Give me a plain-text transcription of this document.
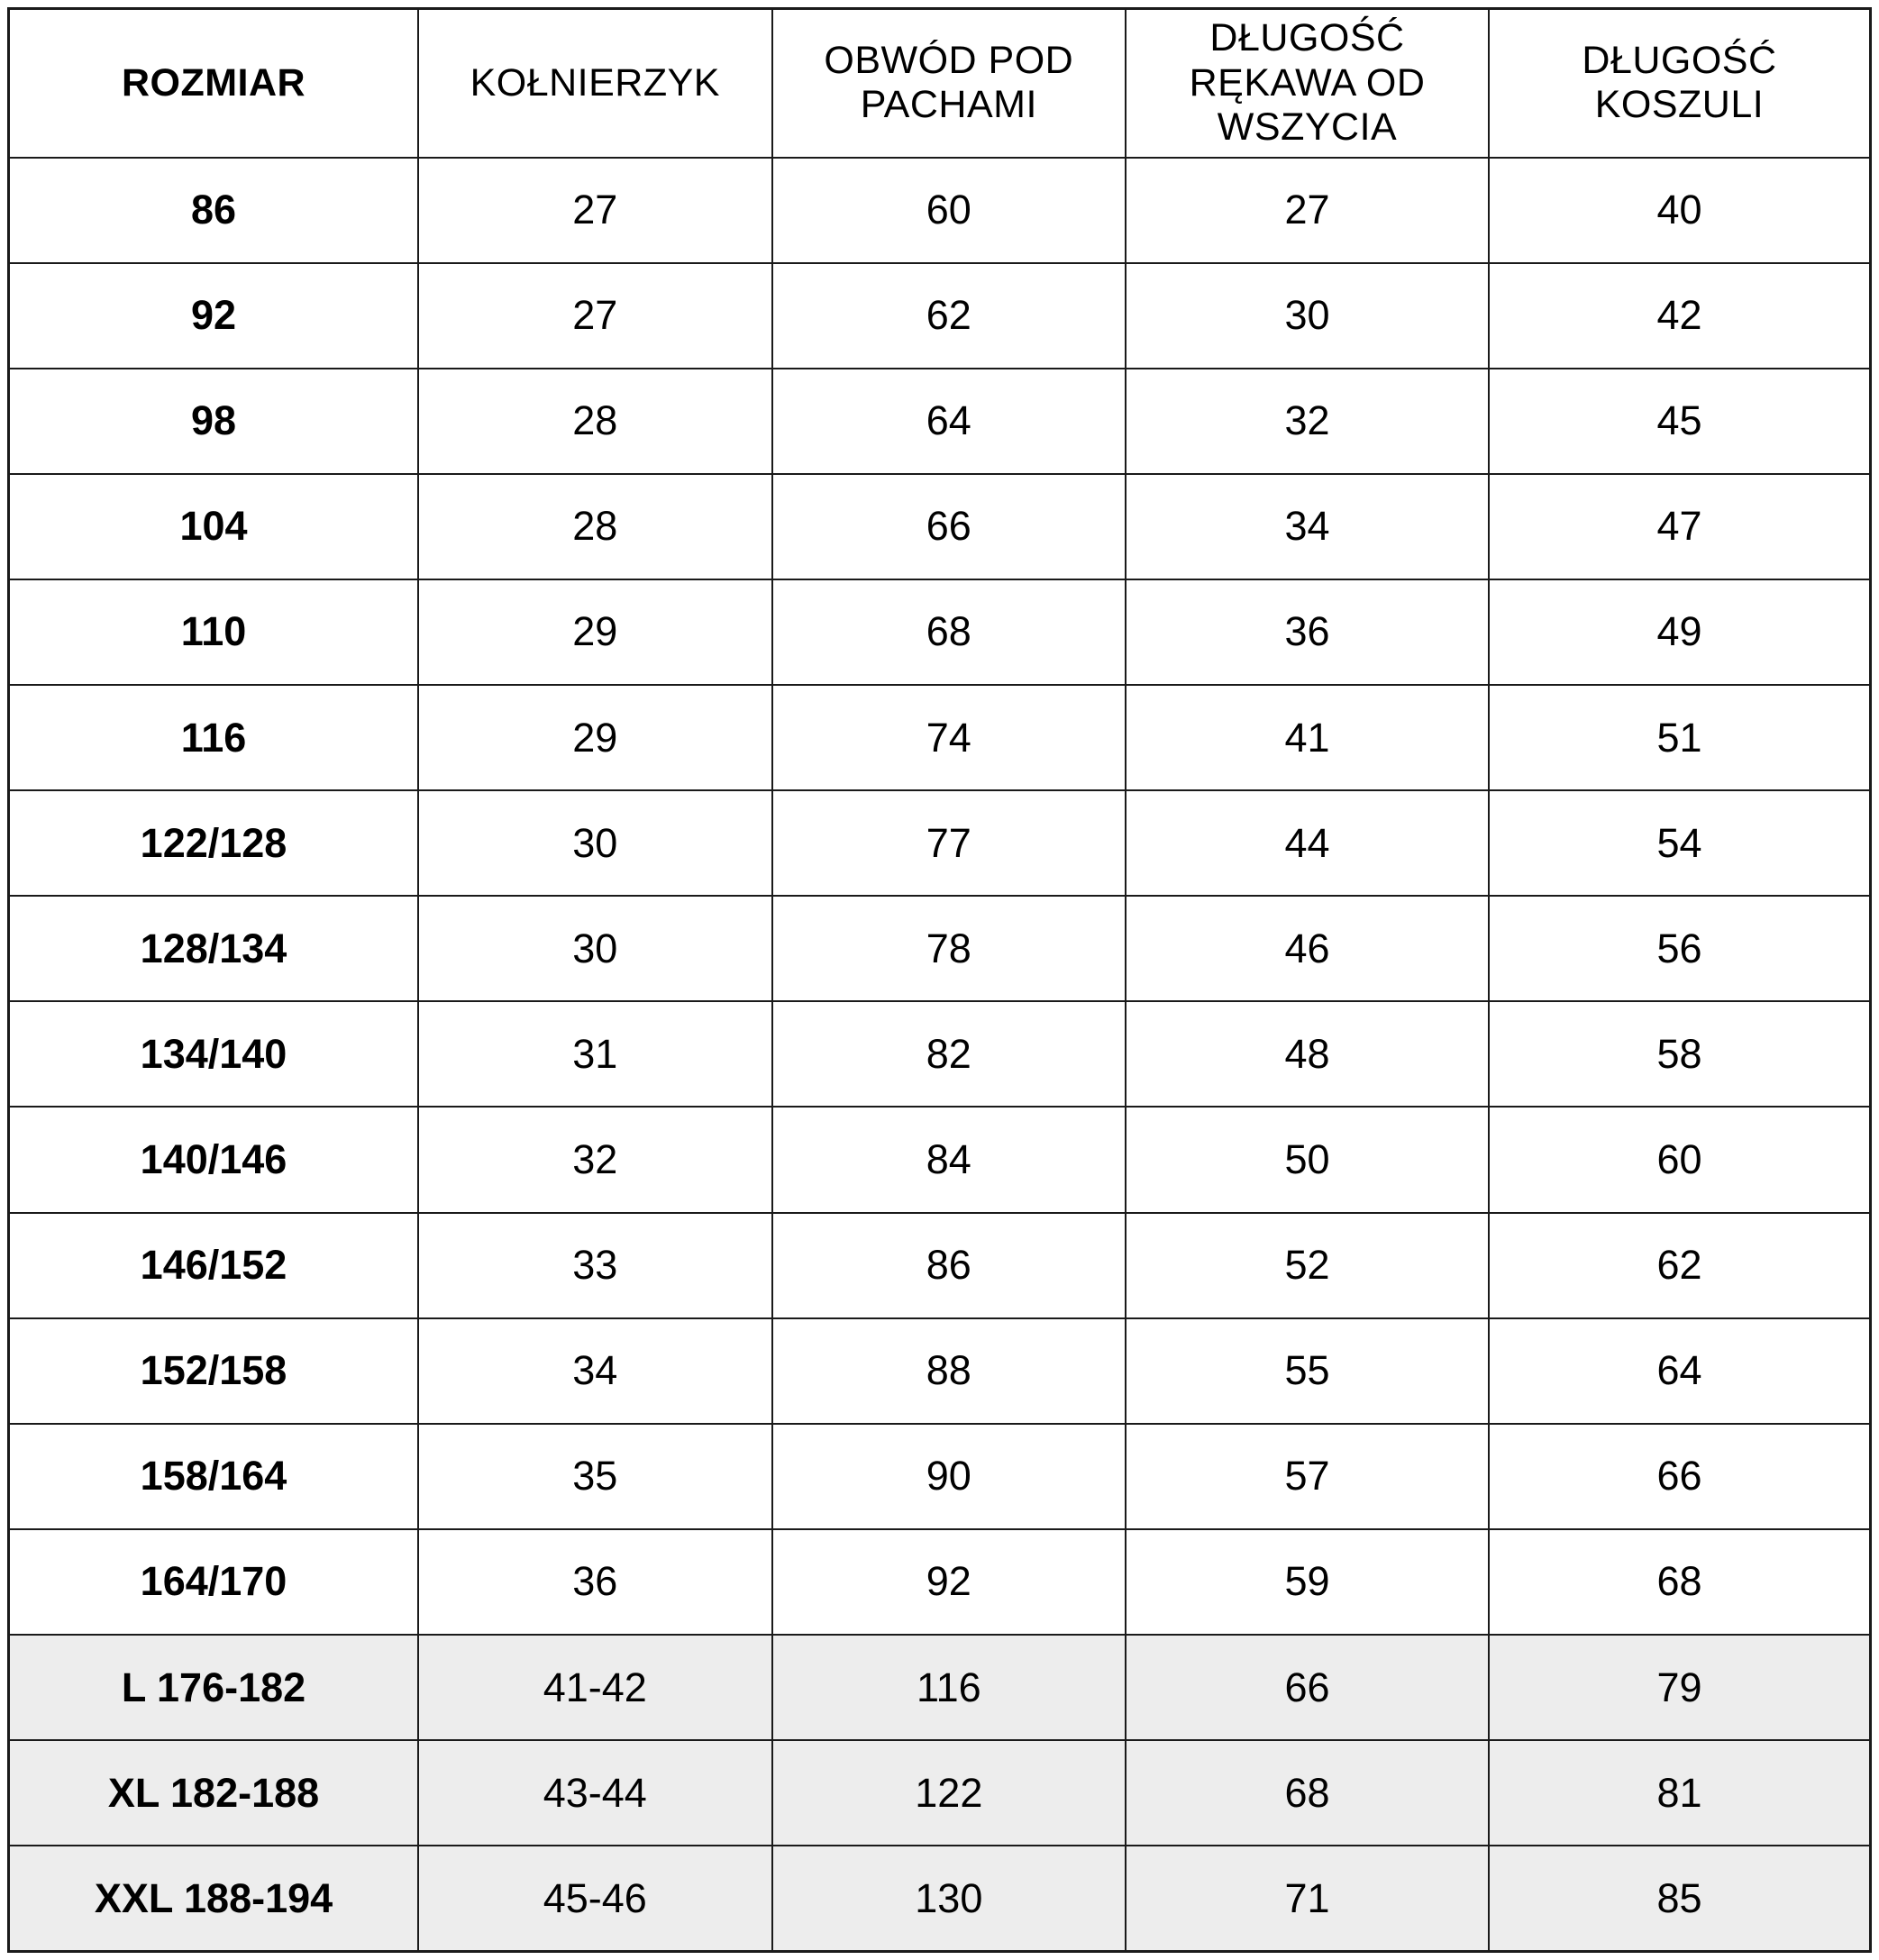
ROZMIAR	KOŁNIERZYK	OBWÓD POD PACHAMI	DŁUGOŚĆ RĘKAWA OD WSZYCIA	DŁUGOŚĆ KOSZULI
86	27	60	27	40
92	27	62	30	42
98	28	64	32	45
104	28	66	34	47
110	29	68	36	49
116	29	74	41	51
122/128	30	77	44	54
128/134	30	78	46	56
134/140	31	82	48	58
140/146	32	84	50	60
146/152	33	86	52	62
152/158	34	88	55	64
158/164	35	90	57	66
164/170	36	92	59	68
L 176-182	41-42	116	66	79
XL 182-188	43-44	122	68	81
XXL 188-194	45-46	130	71	85
